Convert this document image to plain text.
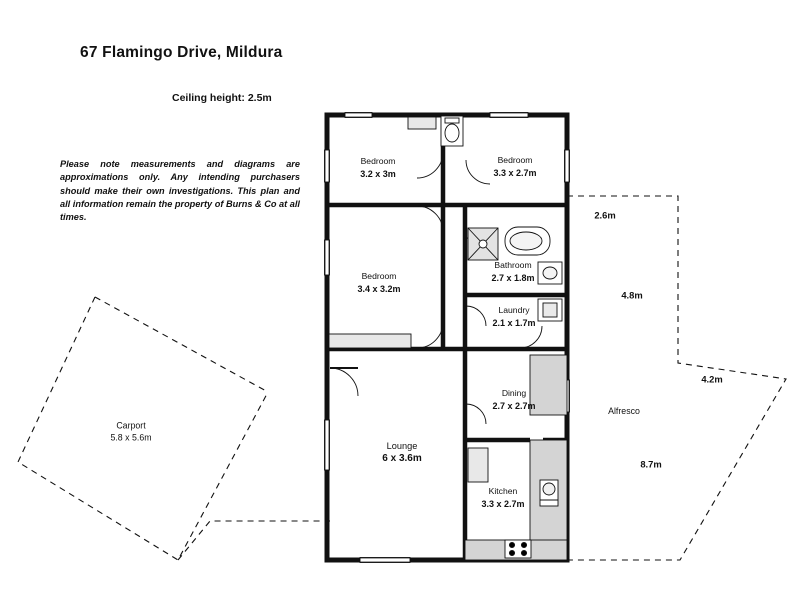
67 Flamingo Drive, Mildura
Ceiling height: 2.5m
Please note measurements and diagrams are approximations only. Any intending purchasers should make their own investigations. This plan and all information remain the property of Burns & Co at all times.
Bedroom
3.2 x 3m
Bedroom
3.3 x 2.7m
Bedroom
3.4 x 3.2m
Bathroom
2.7 x 1.8m
Laundry
2.1 x 1.7m
Dining
2.7 x 2.7m
Lounge
6 x 3.6m
Kitchen
3.3 x 2.7m
Carport
5.8 x 5.6m
Alfresco
2.6m
4.8m
4.2m
8.7m
